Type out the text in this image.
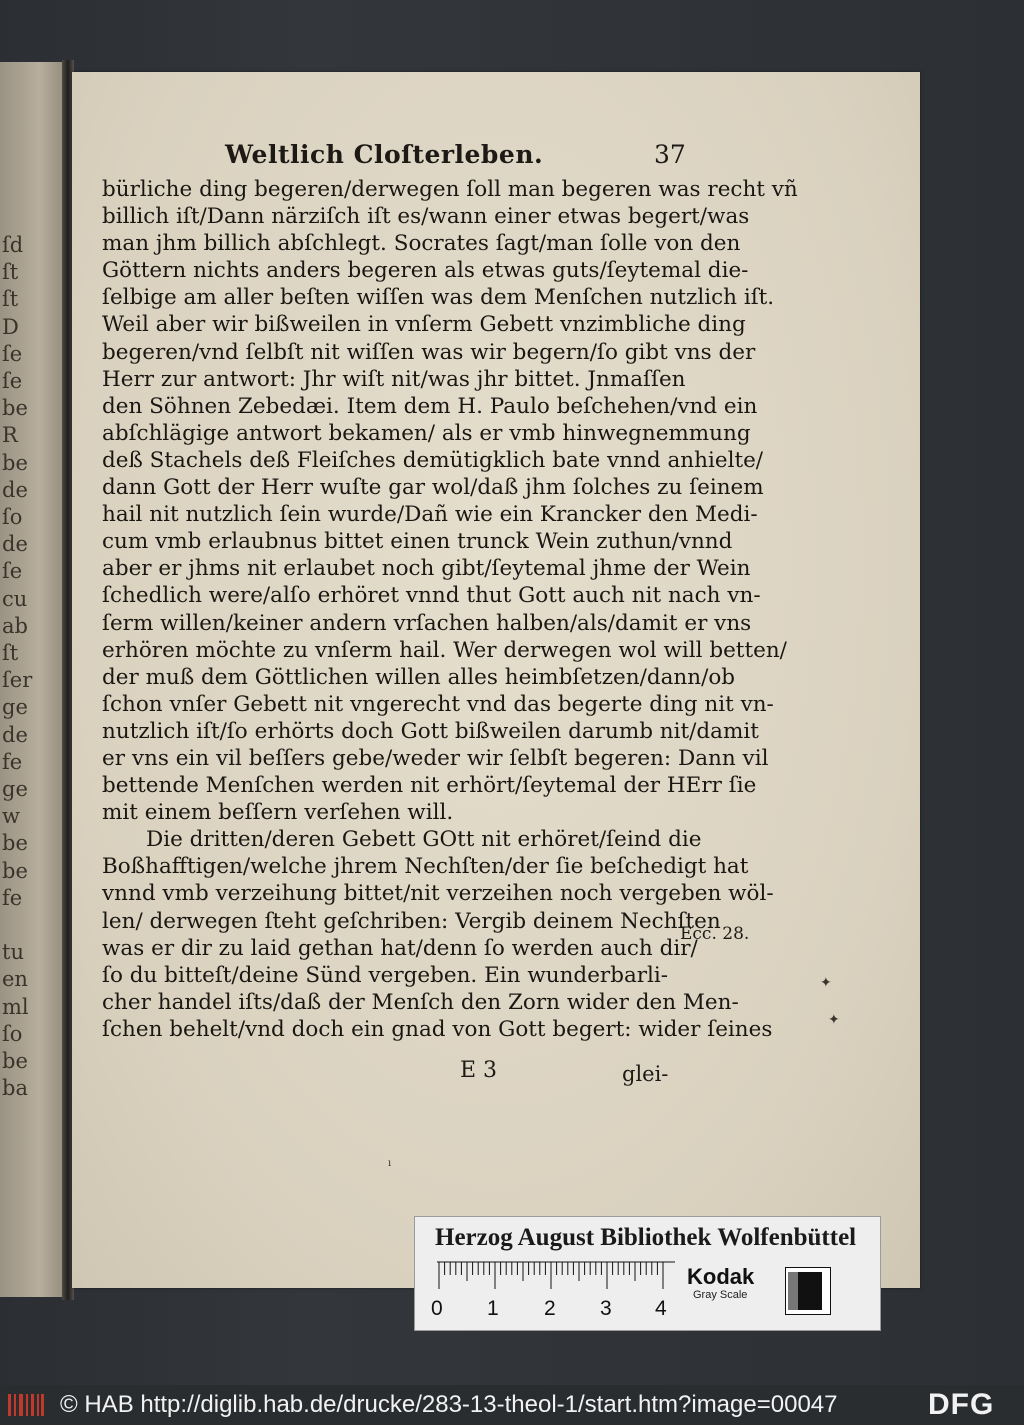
ſd
ſt
ſt
D
ſe
ſe
be
R
be
de
ſo
de
ſe
cu
ab
ſt
ſer
ge
de
fe
ge
w
be
be
fe

tu
en
ml
ſo
be
ba
Weltlich Cloſterleben.	37
bürliche ding begeren/derwegen ſoll man begeren was recht vñ
billich iſt/Dann närziſch iſt es/wann einer etwas begert/was
man jhm billich abſchlegt. Socrates ſagt/man ſolle von den
Göttern nichts anders begeren als etwas guts/ſeytemal die-
ſelbige am aller beſten wiſſen was dem Menſchen nutzlich iſt.
Weil aber wir bißweilen in vnſerm Gebett vnzimbliche ding
begeren/vnd ſelbſt nit wiſſen was wir begern/ſo gibt vns der
Herr zur antwort: Jhr wiſt nit/was jhr bittet. Jnmaſſen
den Söhnen Zebedæi. Item dem H. Paulo beſchehen/vnd ein
abſchlägige antwort bekamen/ als er vmb hinwegnemmung
deß Stachels deß Fleiſches demütigklich bate vnnd anhielte/
dann Gott der Herr wuſte gar wol/daß jhm ſolches zu ſeinem
hail nit nutzlich ſein wurde/Dañ wie ein Krancker den Medi-
cum vmb erlaubnus bittet einen trunck Wein zuthun/vnnd
aber er jhms nit erlaubet noch gibt/ſeytemal jhme der Wein
ſchedlich were/alſo erhöret vnnd thut Gott auch nit nach vn-
ſerm willen/keiner andern vrſachen halben/als/damit er vns
erhören möchte zu vnſerm hail. Wer derwegen wol will betten/
der muß dem Göttlichen willen alles heimbſetzen/dann/ob
ſchon vnſer Gebett nit vngerecht vnd das begerte ding nit vn-
nutzlich iſt/ſo erhörts doch Gott bißweilen darumb nit/damit
er vns ein vil beſſers gebe/weder wir ſelbſt begeren: Dann vil
bettende Menſchen werden nit erhört/ſeytemal der HErr ſie
mit einem beſſern verſehen will.
Die dritten/deren Gebett GOtt nit erhöret/ſeind die
Boßhafftigen/welche jhrem Nechſten/der ſie beſchedigt hat
vnnd vmb verzeihung bittet/nit verzeihen noch vergeben wöl-
len/ derwegen ſteht geſchriben: Vergib deinem Nechſten
was er dir zu laid gethan hat/denn ſo werden auch dir/
ſo du bitteſt/deine Sünd vergeben. Ein wunderbarli-
cher handel iſts/daß der Menſch den Zorn wider den Men-
ſchen behelt/vnd doch ein gnad von Gott begert: wider ſeines
Ecc. 28.
E 3	glei-
✦
✦
ı
Herzog August Bibliothek Wolfenbüttel
0 1 2 3 4
Kodak
Gray Scale
© HAB http://diglib.hab.de/drucke/283-13-theol-1/start.htm?image=00047	DFG
